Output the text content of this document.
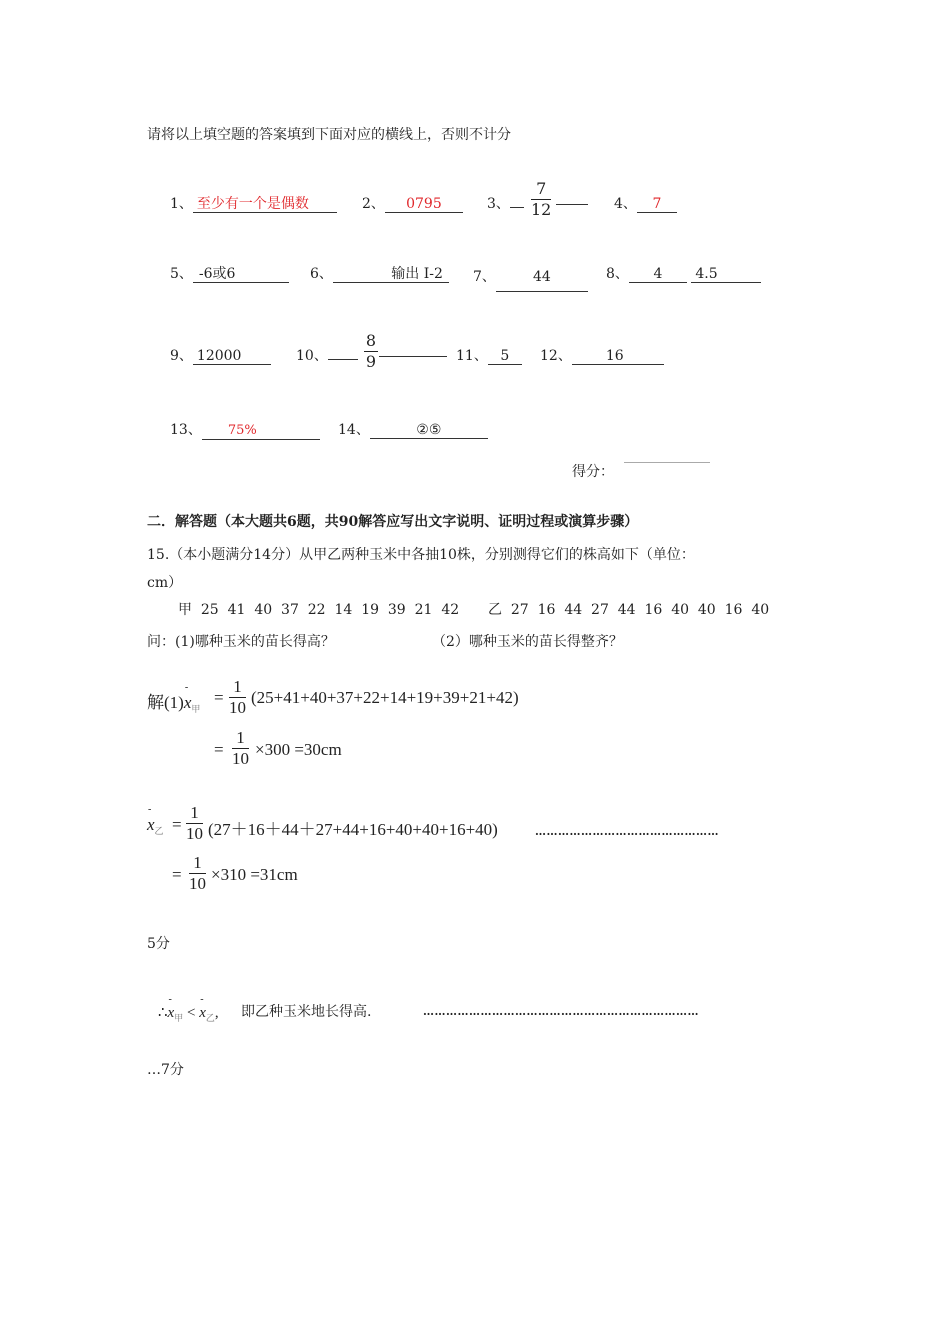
请将以上填空题的答案填到下面对应的横线上，否则不计分
1、 至少有一个是偶数	2、 0795	3、
7
12	4、 7
5、 -6或6	6、	输出 I-2	7、	44	8、 4 4.5
9、 12000	10、
8
9	11、 5	12、 16
13、 75%	14、	②⑤
得分：
二．解答题（本大题共6题，共90解答应写出文字说明、证明过程或演算步骤）
15.（本小题满分14分）从甲乙两种玉米中各抽10株，分别测得它们的株高如下（单位：
cm）
甲  25  41  40  37  22  14  19  39  21  42 乙  27  16  44  27  44  16  40  40  16  40
问：(1)哪种玉米的苗长得高？	（2）哪种玉米的苗长得整齐？
解(1)- $x_甲$
=
1
10
(25+41+40+37+22+14+19+39+21+42)
=
1
10 ×300 =30cm
- $x_乙$ =
1
10 (27＋16＋44＋27+44+16+40+40+16+40)	…………………………………………
=
1
10 ×310 =31cm
5分
∴- $x_甲$ < - $x_乙$, 即乙种玉米地长得高.	………………………………………………………………
…7分
